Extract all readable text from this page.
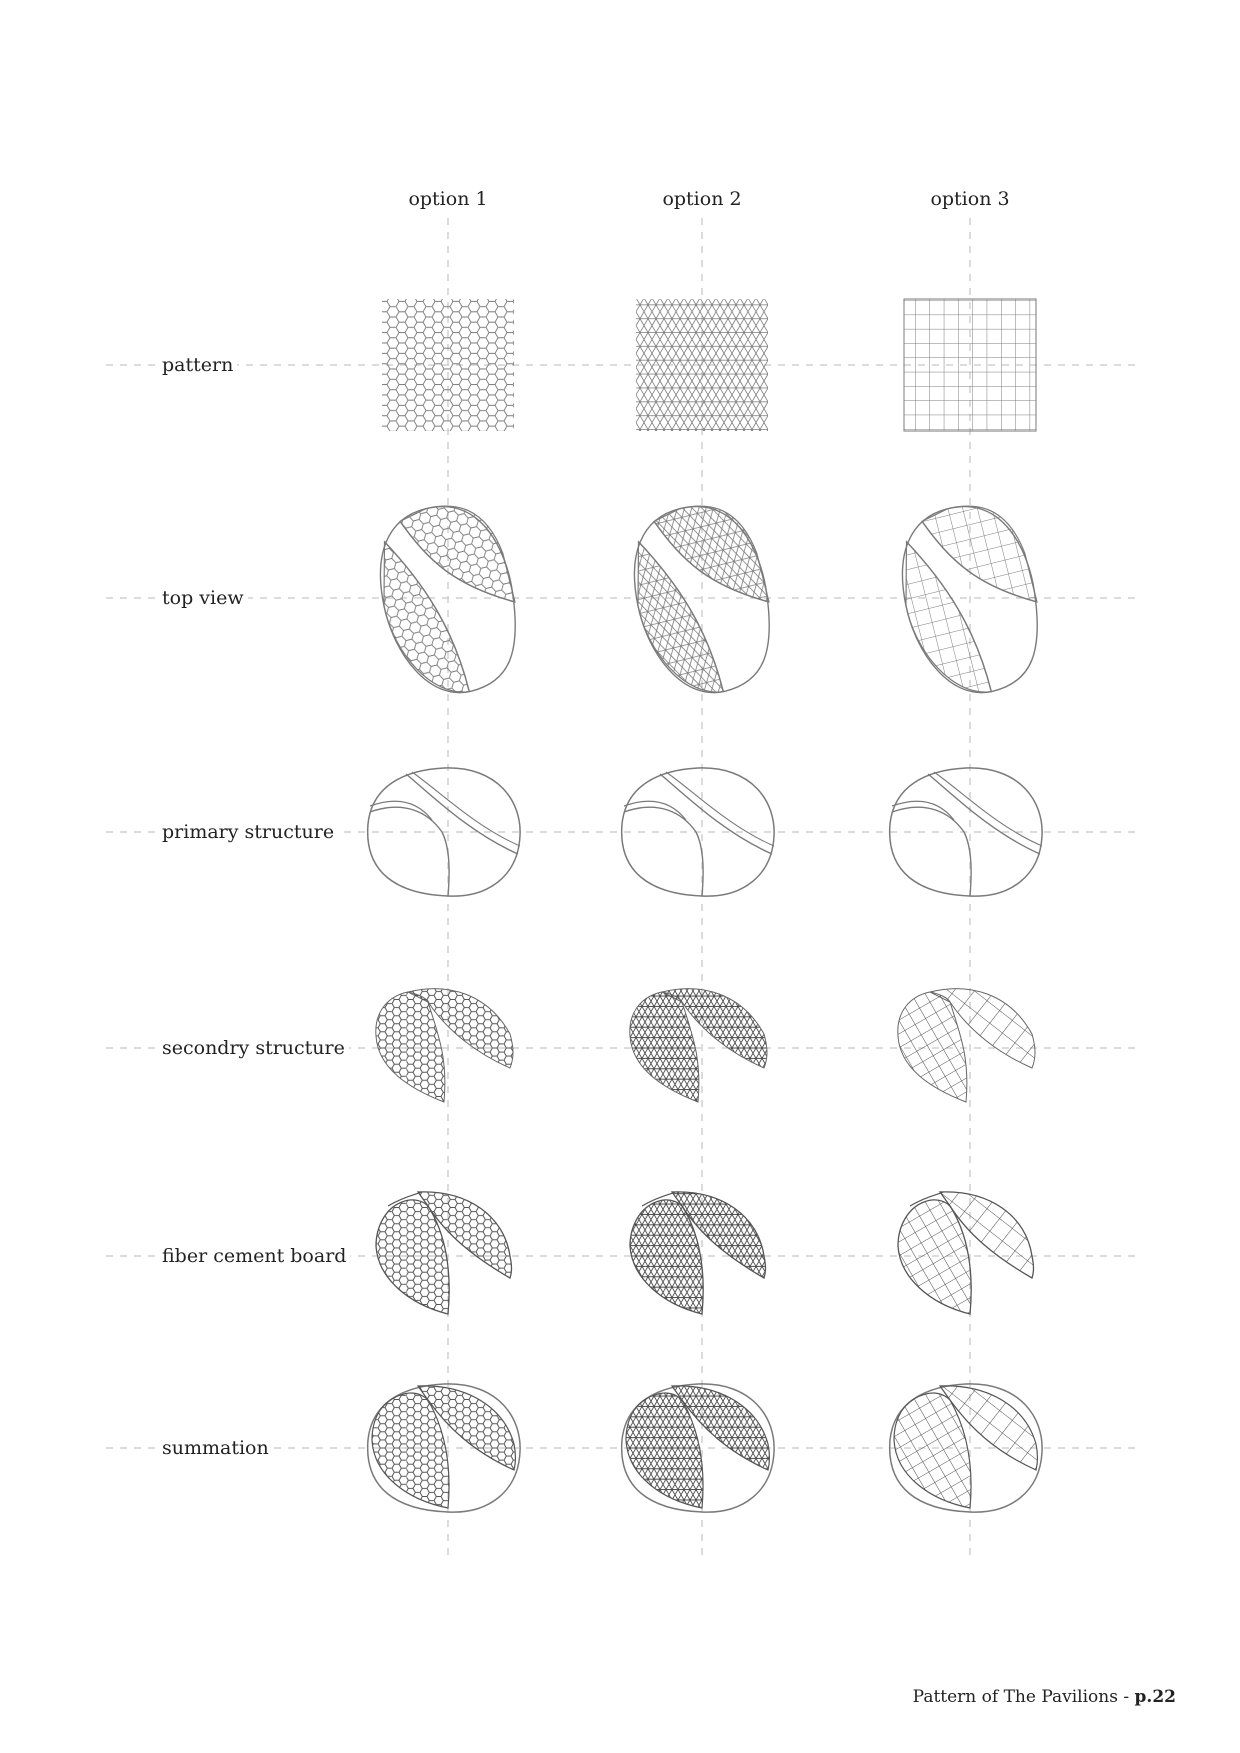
option 1	option 2	option 3
pattern
top view
primary structure
secondry structure
fiber cement board
summation
Pattern of The Pavilions - p.22
